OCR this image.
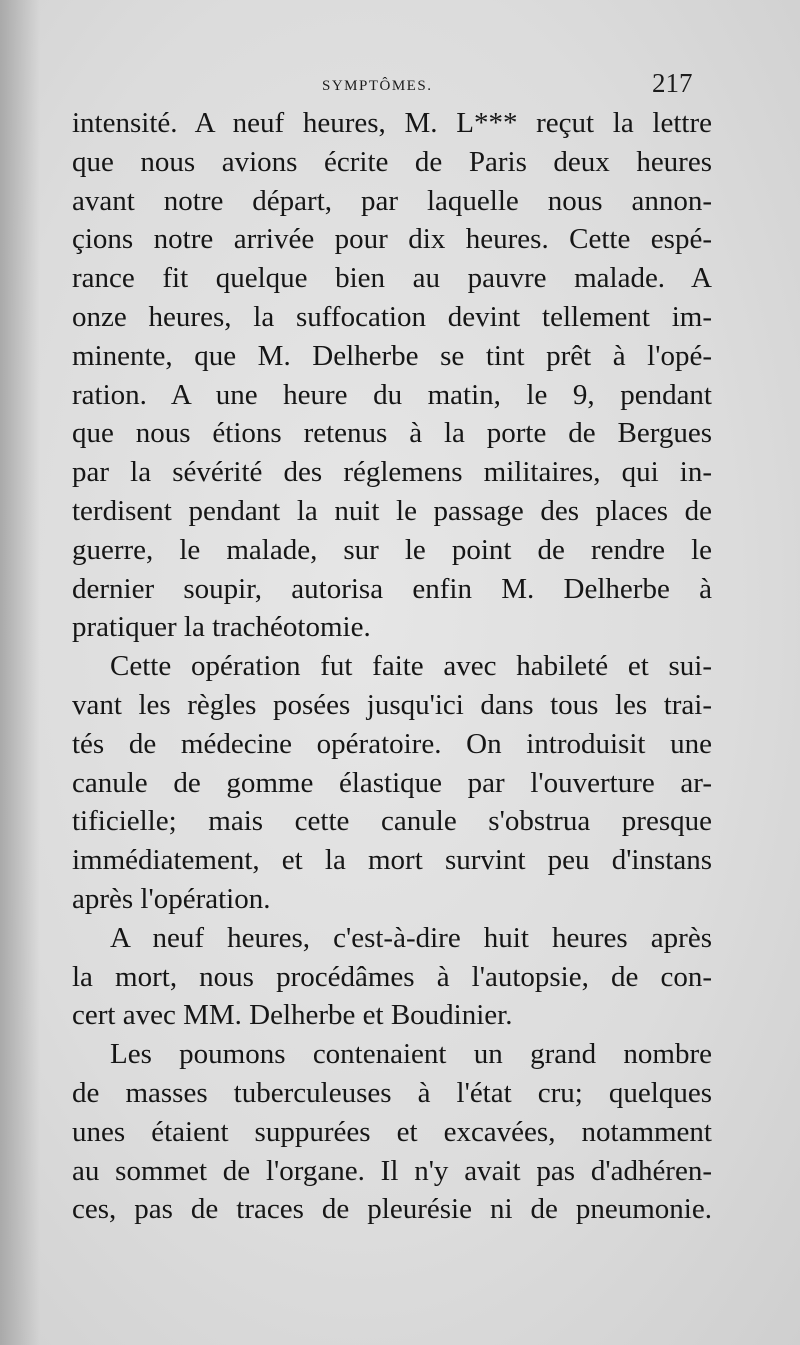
SYMPTÔMES.	217
intensité. A neuf heures, M. L*** reçut la lettre
que nous avions écrite de Paris deux heures
avant notre départ, par laquelle nous annon-
çions notre arrivée pour dix heures. Cette espé-
rance fit quelque bien au pauvre malade. A
onze heures, la suffocation devint tellement im-
minente, que M. Delherbe se tint prêt à l'opé-
ration. A une heure du matin, le 9, pendant
que nous étions retenus à la porte de Bergues
par la sévérité des réglemens militaires, qui in-
terdisent pendant la nuit le passage des places de
guerre, le malade, sur le point de rendre le
dernier soupir, autorisa enfin M. Delherbe à
pratiquer la trachéotomie.
Cette opération fut faite avec habileté et sui-
vant les règles posées jusqu'ici dans tous les trai-
tés de médecine opératoire. On introduisit une
canule de gomme élastique par l'ouverture ar-
tificielle; mais cette canule s'obstrua presque
immédiatement, et la mort survint peu d'instans
après l'opération.
A neuf heures, c'est-à-dire huit heures après
la mort, nous procédâmes à l'autopsie, de con-
cert avec MM. Delherbe et Boudinier.
Les poumons contenaient un grand nombre
de masses tuberculeuses à l'état cru; quelques
unes étaient suppurées et excavées, notamment
au sommet de l'organe. Il n'y avait pas d'adhéren-
ces, pas de traces de pleurésie ni de pneumonie.
